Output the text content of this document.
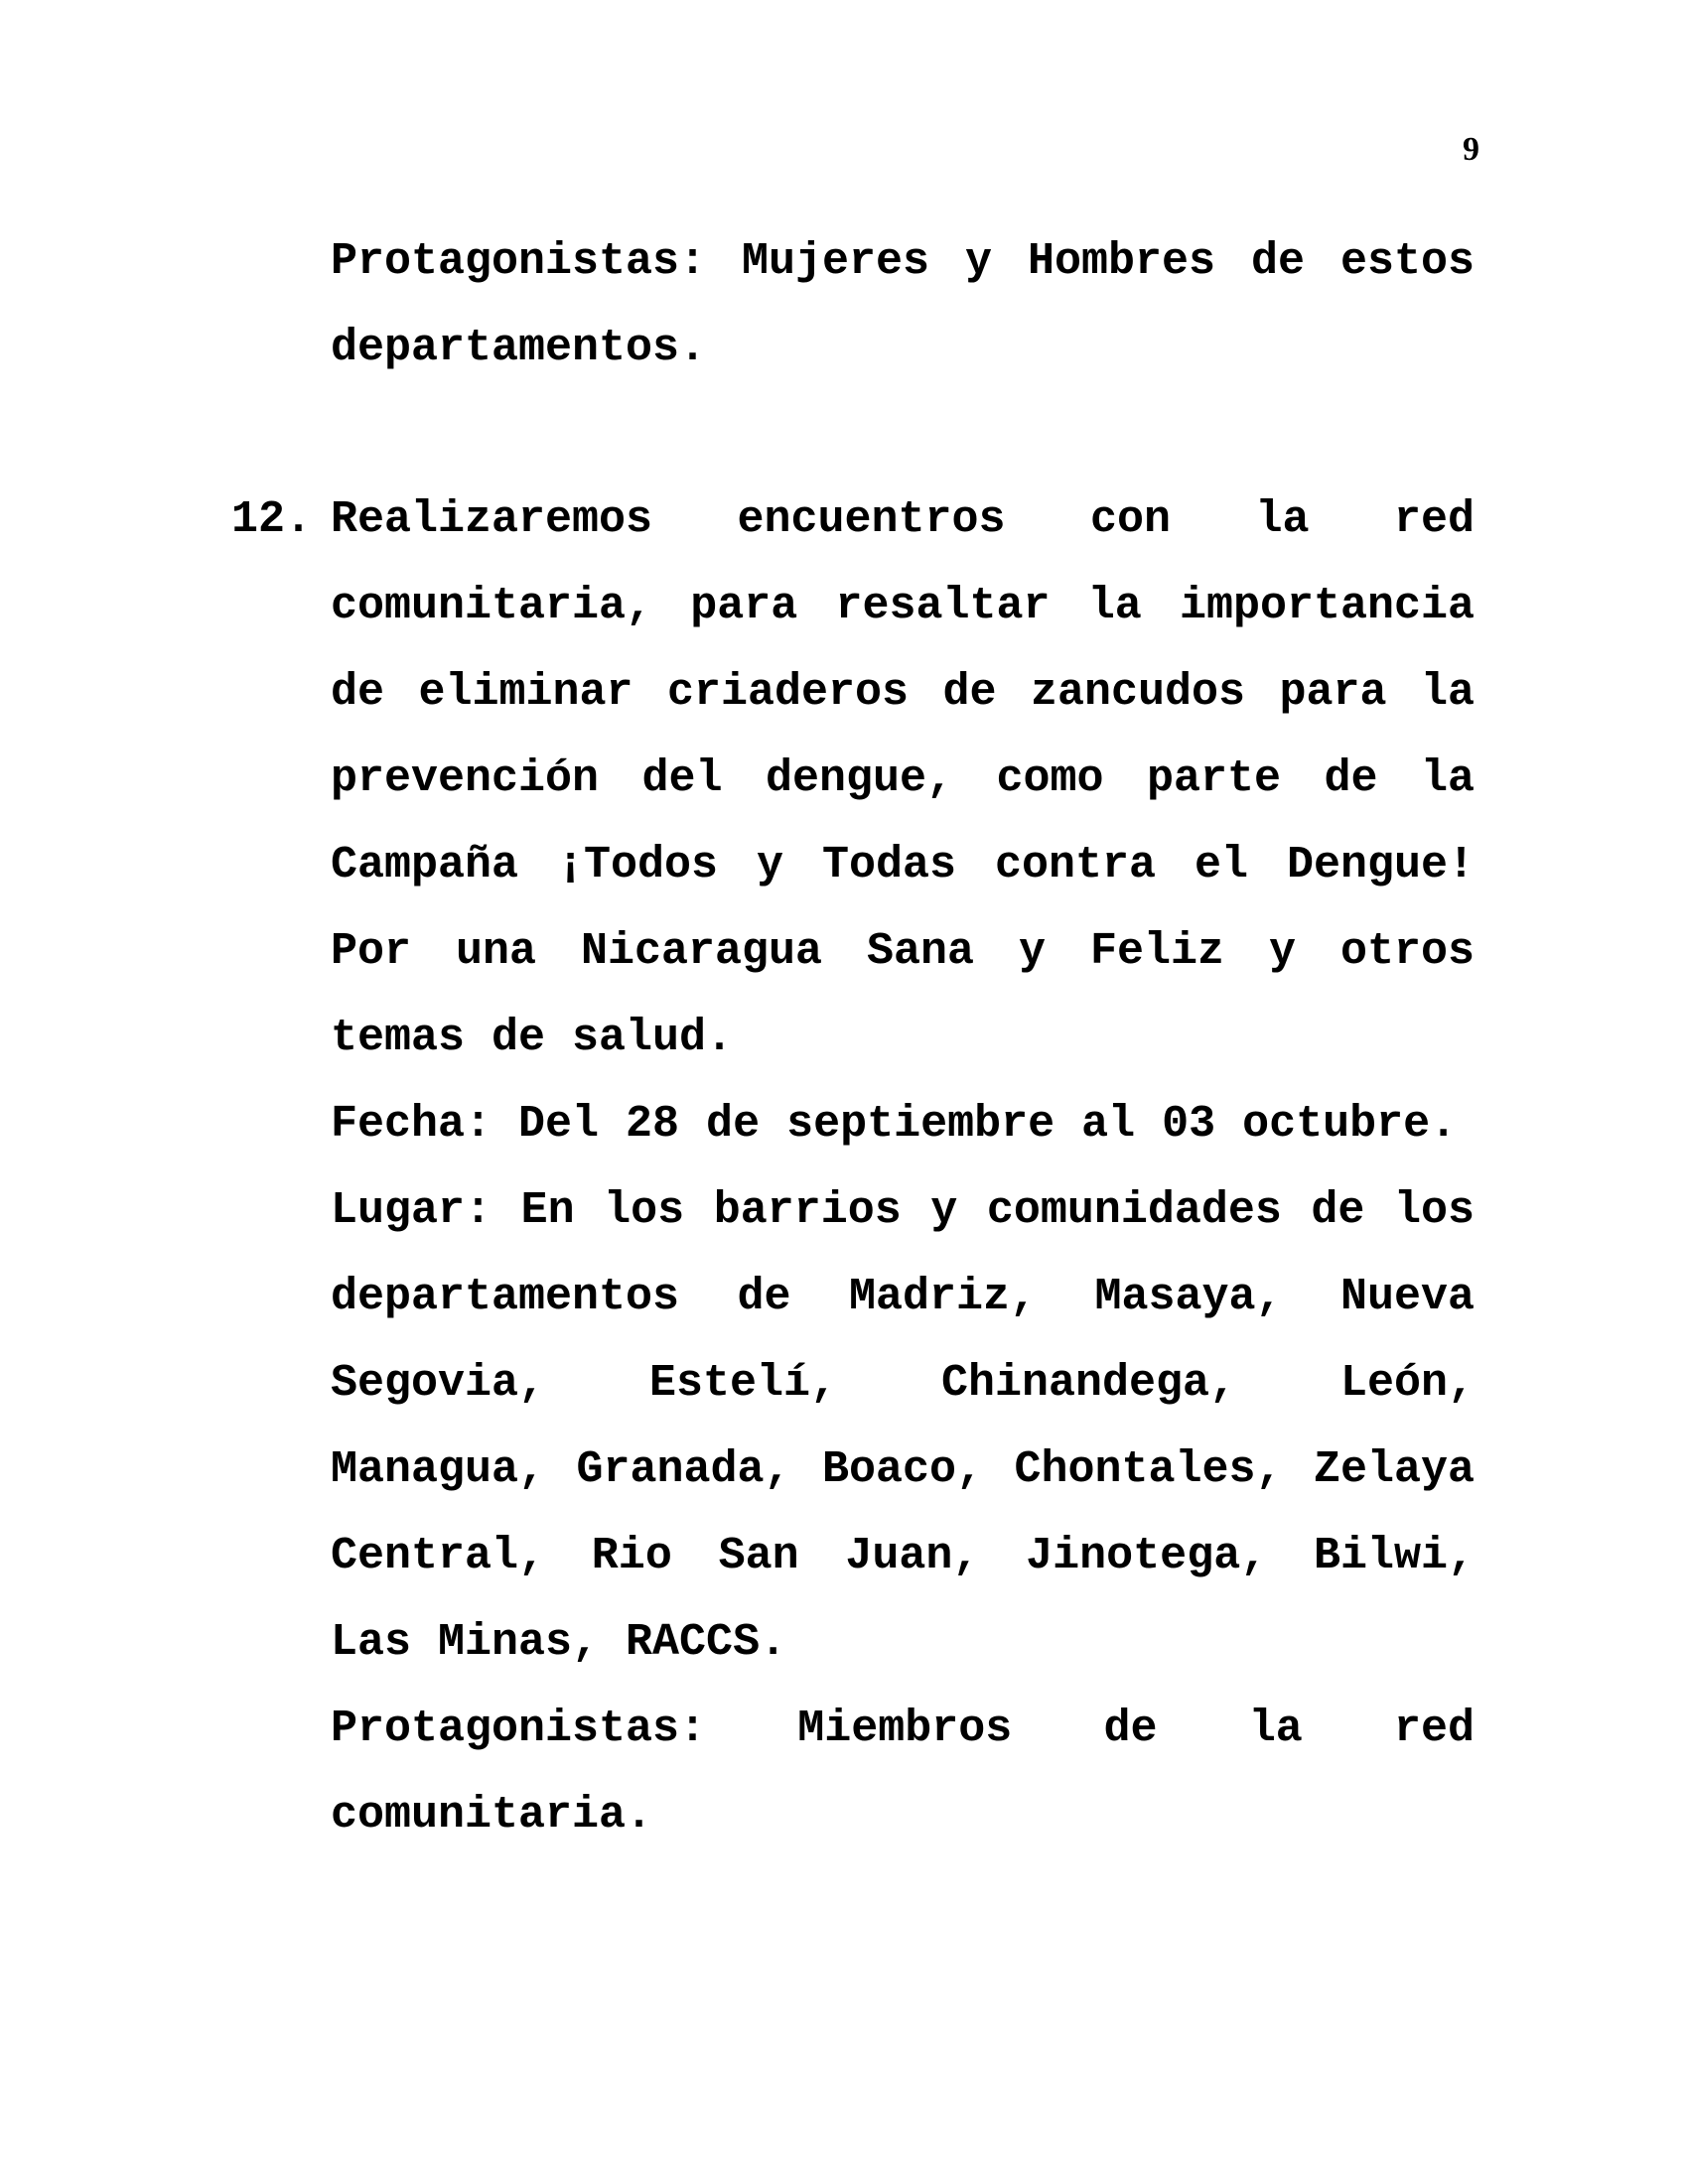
9

Protagonistas: Mujeres y Hombres de estos departamentos.

12. Realizaremos encuentros con la red comunitaria, para resaltar la importancia de eliminar criaderos de zancudos para la prevención del dengue, como parte de la Campaña ¡Todos y Todas contra el Dengue! Por una Nicaragua Sana y Feliz y otros temas de salud.

Fecha: Del 28 de septiembre al 03 octubre.

Lugar: En los barrios y comunidades de los departamentos de Madriz, Masaya, Nueva Segovia, Estelí, Chinandega, León, Managua, Granada, Boaco, Chontales, Zelaya Central, Rio San Juan, Jinotega, Bilwi, Las Minas, RACCS.

Protagonistas: Miembros de la red comunitaria.
